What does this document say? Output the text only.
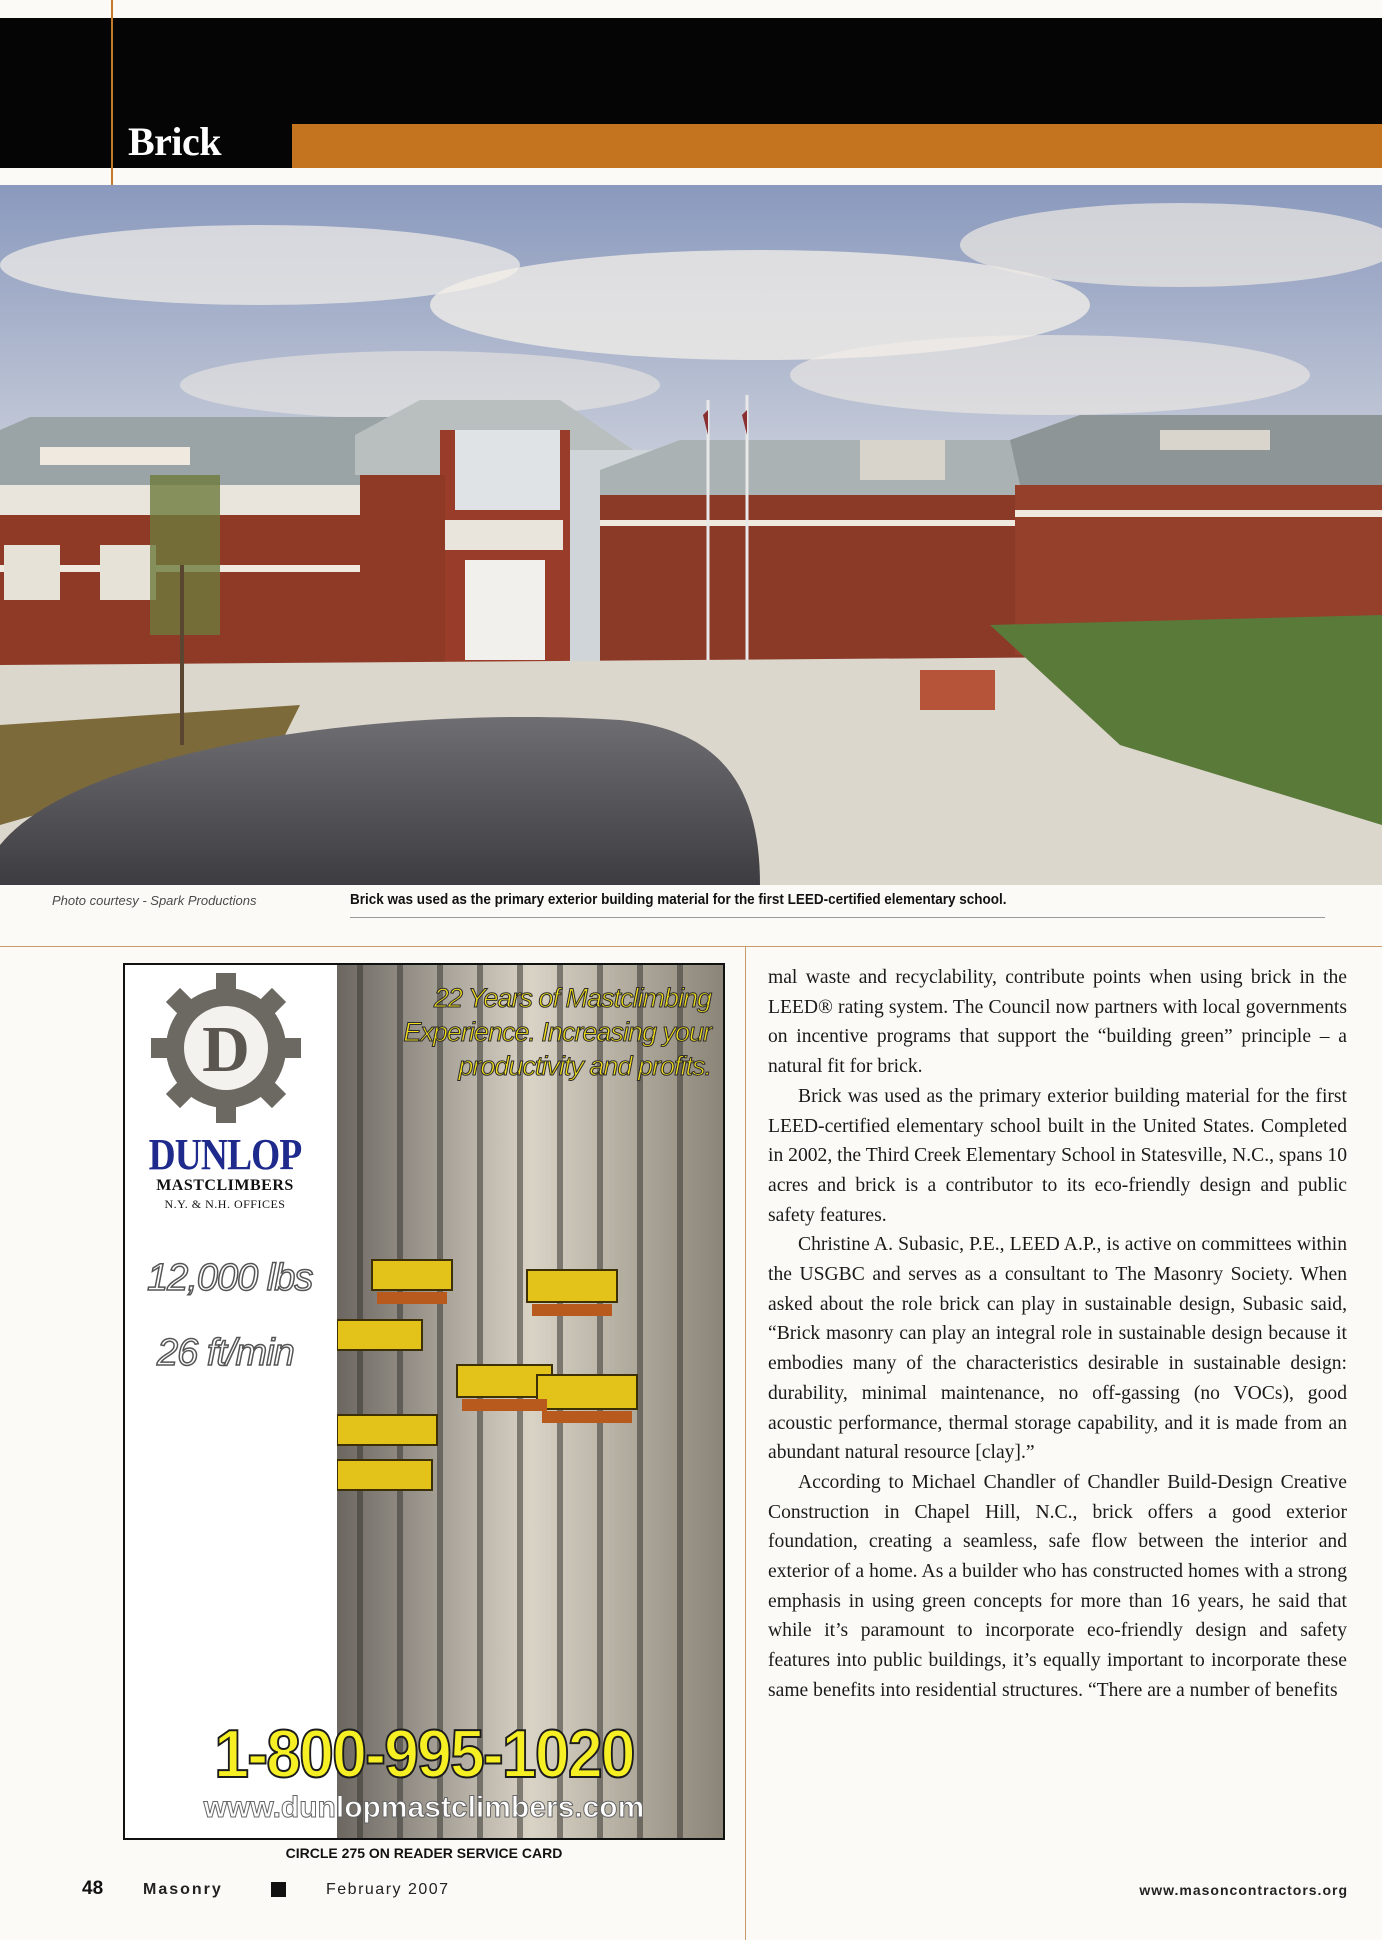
Brick
Photo courtesy - Spark Productions	Brick was used as the primary exterior building material for the first LEED-certified elementary school.
D
DUNLOP
MASTCLIMBERS
N.Y. & N.H. OFFICES
22 Years of Mastclimbing
Experience. Increasing your
productivity and profits.
12,000 lbs
26 ft/min
1-800-995-1020
www.dunlopmastclimbers.com
CIRCLE 275 ON READER SERVICE CARD

mal waste and recyclability, contribute points when using brick in the LEED® rating system. The Council now partners with local governments on incentive programs that support the “building green” principle – a natural fit for brick.

Brick was used as the primary exterior building material for the first LEED-certified elementary school built in the United States. Completed in 2002, the Third Creek Elementary School in Statesville, N.C., spans 10 acres and brick is a contributor to its eco-friendly design and public safety features.

Christine A. Subasic, P.E., LEED A.P., is active on committees within the USGBC and serves as a consultant to The Masonry Society. When asked about the role brick can play in sustainable design, Subasic said, “Brick masonry can play an integral role in sustainable design because it embodies many of the characteristics desirable in sustainable design: durability, minimal maintenance, no off-gassing (no VOCs), good acoustic performance, thermal storage capability, and it is made from an abundant natural resource [clay].”

According to Michael Chandler of Chandler Build-Design Creative Construction in Chapel Hill, N.C., brick offers a good exterior foundation, creating a seamless, safe flow between the interior and exterior of a home. As a builder who has constructed homes with a strong emphasis in using green concepts for more than 16 years, he said that while it’s paramount to incorporate eco-friendly design and safety features into public buildings, it’s equally important to incorporate these same benefits into residential structures. “There are a number of benefits

48 Masonry	February 2007	www.masoncontractors.org
